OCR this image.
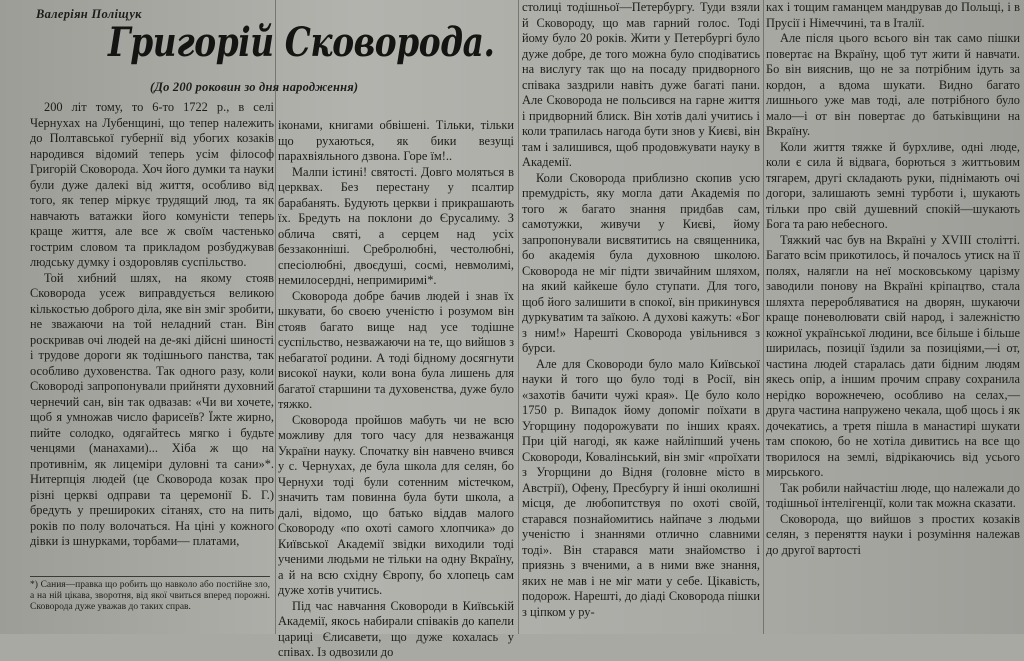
Валеріян Поліщук
Григорій Сковорода.
(До 200 роковин зо дня народження)

200 літ тому, то 6-то 1722 р., в селі Чернухах на Лубенщині, що тепер належить до Полтавської губернії від убогих козаків народився відомий теперь усім філософ Григорій Сковорода. Хоч його думки та науки були дуже далекі від життя, особливо від того, як тепер міркує трудящий люд, та як навчають ватажки його комуністи теперь краще життя, але все ж своїм частенько гострим словом та прикладом розбуджував людську думку і оздоровляв суспільство.

Той хибний шлях, на якому стояв Сковорода усеж виправдується великою кількостью доброго діла, яке він зміг зробити, не зважаючи на той неладний стан. Він роскривав очі людей на де-які дійсні шиності і трудове дороги як тодішнього панства, так особливо духовенства. Так одного разу, коли Сковороді запропонували прийняти духовний чернечий сан, він так одвазав: «Чи ви хочете, щоб я умножав число фарисеїв? Їжте жирно, пийте солодко, одягайтесь мягко і будьте ченцями (манахами)... Хіба ж що на противнім, як лицеміри дуловні та сани»*. Нитерпція людей (це Сковорода козак про різні церкві одправи та церемонії Б. Г.) бредуть у прешироких сітанях, сто на пить років по полу волочаться. На ціні у кожного дівки із шнурками, торбами— платами,

іконами, книгами обвішені. Тільки, тільки що рухаються, як бики везущі парахвіяльного дзвона. Горе їм!..

Малпи істині! святості. Довго моляться в церквах. Без перестану у псалтир барабанять. Будують церкви і прикрашають їх. Бредуть на поклони до Єрусалиму. З облича святі, а серцем над усіх беззаконніші. Сребролюбні, честолюбні, спесіолюбні, двоєдуші, сосмі, невмолимі, немилосердні, непримиримі*.

Сковорода добре бачив людей і знав їх шкувати, бо своєю ученістю і розумом він стояв багато вище над усе тодішне суспільство, незважаючи на те, що вийшов з небагатої родини. А тоді бідному досягнути високої науки, коли вона була лишень для багатої старшини та духовенства, дуже було тяжко.

Сковорода пройшов мабуть чи не всю можливу для того часу для незважанця України науку. Спочатку він навчено вчився у с. Чернухах, де була школа для селян, бо Чернухи тоді були сотенним містечком, значить там повинна була бути школа, а далі, відомо, що батько віддав малого Сковороду «по охоті самого хлопчика» до Київської Академії звідки виходили тоді ученими людьми не тільки на одну Вкраїну, а й на всю східну Європу, бо хлопець сам дуже хотів учитись.

Під час навчання Сковороди в Київській Академії, якось набирали співаків до капели цариці Єлисавети, що дуже кохалась у співах. Із одвозили до

столиці тодішньої—Петербургу. Туди взяли й Сковороду, що мав гарний голос. Тоді йому було 20 років. Жити у Петербургі було дуже добре, де того можна було сподіватись на вислугу так що на посаду придворного співака заздрили навіть дуже багаті пани. Але Сковорода не польсився на гарне життя і придворний блиск. Він хотів далі учитись і коли трапилась нагода бути знов у Києві, він там і залишився, щоб продовжувати науку в Академії.

Коли Сковорода приблизно скопив усю премудрість, яку могла дати Академія по того ж багато знання придбав сам, самотужки, живучи у Києві, йому запропонували висвятитись на священника, бо академія була духовною школою. Сковорода не міг підти звичайним шляхом, на який кайкеше було ступати. Для того, щоб його залишити в спокої, він прикинувся дуркуватим та заїкою. А духові кажуть: «Бог з ним!» Нарешті Сковорода увільнився з бурси.

Але для Сковороди було мало Київської науки й того що було тоді в Росії, він «захотів бачити чужі края». Це було коло 1750 р. Випадок йому допоміг поїхати в Угорщину подорожувати по інших краях. При цій нагоді, як каже найліпший учень Сковороди, Ковалінський, він зміг «проїхати з Угорщини до Відня (головне місто в Австрії), Офену, Пресбургу й інші околишні місця, де любопитствуя по охоті своїй, старався познайомитись найпаче з людьми ученістю і знаннями отлично славними тоді». Він старався мати знайомство і приязнь з вченими, а в ними вже знання, яких не мав і не міг мати у себе. Цікавість, подорож. Нарешті, до діаді Сковорода пішки з ціпком у ру-

ках і тощим гаманцем мандрував до Польщі, і в Прусії і Німеччині, та в Італії.

Але після цього всього він так само пішки повертає на Вкраїну, щоб тут жити й навчати. Бо він вияснив, що не за потрібним ідуть за кордон, а вдома шукати. Видно багато лишнього уже мав тоді, але потрібного було мало—і от він повертає до батьківщини на Вкраїну.

Коли життя тяжке й бурхливе, одні люде, коли є сила й відвага, борються з життьовим тягарем, другі складають руки, піднімають очі догори, залишають земні турботи і, шукають тільки про свій душевний спокій—шукають Бога та раю небесного.

Тяжкий час був на Вкраїні у XVIII столітті. Багато всім прикотилось, й почалось утиск на її полях, налягли на неї московському царізму заводили понову на Вкраїні кріпацтво, стала шляхта переробляватися на дворян, шукаючи краще поневолювати свій народ, і залежністю кожної української людини, все більше і більше ширилась, позиції їздили за позиціями,—і от, частина людей старалась дати бідним людям якесь опір, а іншим прочим справу сохранила нерідко ворожнечею, особливо на селах,—друга частина напружено чекала, щоб щось і як дочекатись, а третя пішла в манастирі шукати там спокою, бо не хотіла дивитись на все що творилося на землі, відрікаючись від усього мирського.

Так робили найчастіш люде, що належали до тодішньої інтелігенції, коли так можна сказати.

Сковорода, що вийшов з простих козаків селян, з переняття науки і розуміння належав до другої вартості

*) Сания—правка що робить що навколо або постійне зло, а на ній цікава, зворотня, від якої чвиться вперед порожні. Сковорода дуже уважав до таких справ.
